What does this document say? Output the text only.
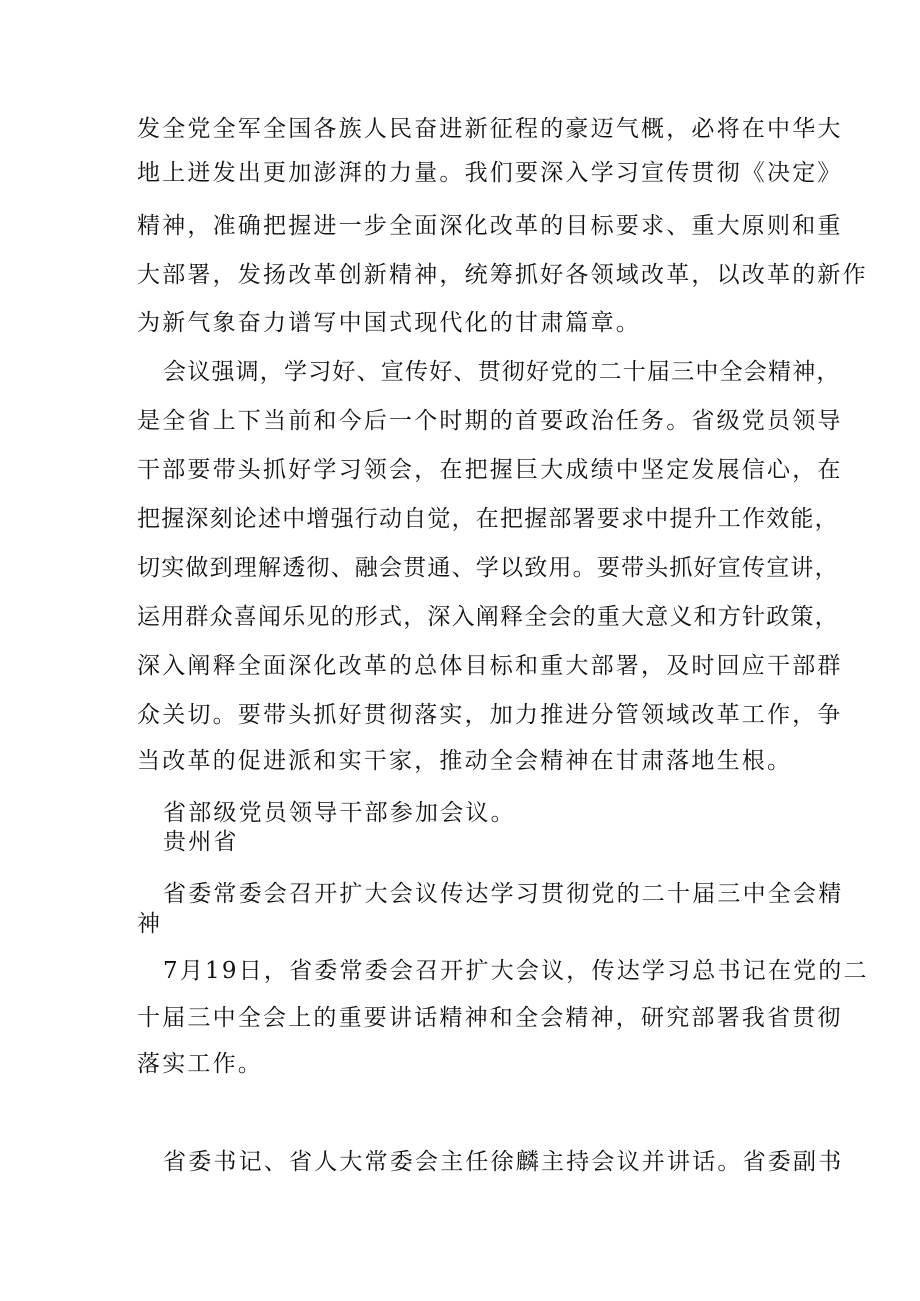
发全党全军全国各族人民奋进新征程的豪迈气概，必将在中华大
地上迸发出更加澎湃的力量。我们要深入学习宣传贯彻《决定》
精神，准确把握进一步全面深化改革的目标要求、重大原则和重
大部署，发扬改革创新精神，统筹抓好各领域改革，以改革的新作
为新气象奋力谱写中国式现代化的甘肃篇章。
会议强调，学习好、宣传好、贯彻好党的二十届三中全会精神，
是全省上下当前和今后一个时期的首要政治任务。省级党员领导
干部要带头抓好学习领会，在把握巨大成绩中坚定发展信心，在
把握深刻论述中增强行动自觉，在把握部署要求中提升工作效能，
切实做到理解透彻、融会贯通、学以致用。要带头抓好宣传宣讲，
运用群众喜闻乐见的形式，深入阐释全会的重大意义和方针政策，
深入阐释全面深化改革的总体目标和重大部署，及时回应干部群
众关切。要带头抓好贯彻落实，加力推进分管领域改革工作，争
当改革的促进派和实干家，推动全会精神在甘肃落地生根。
省部级党员领导干部参加会议。
贵州省
省委常委会召开扩大会议传达学习贯彻党的二十届三中全会精
神
7月19日，省委常委会召开扩大会议，传达学习总书记在党的二
十届三中全会上的重要讲话精神和全会精神，研究部署我省贯彻
落实工作。
省委书记、省人大常委会主任徐麟主持会议并讲话。省委副书
